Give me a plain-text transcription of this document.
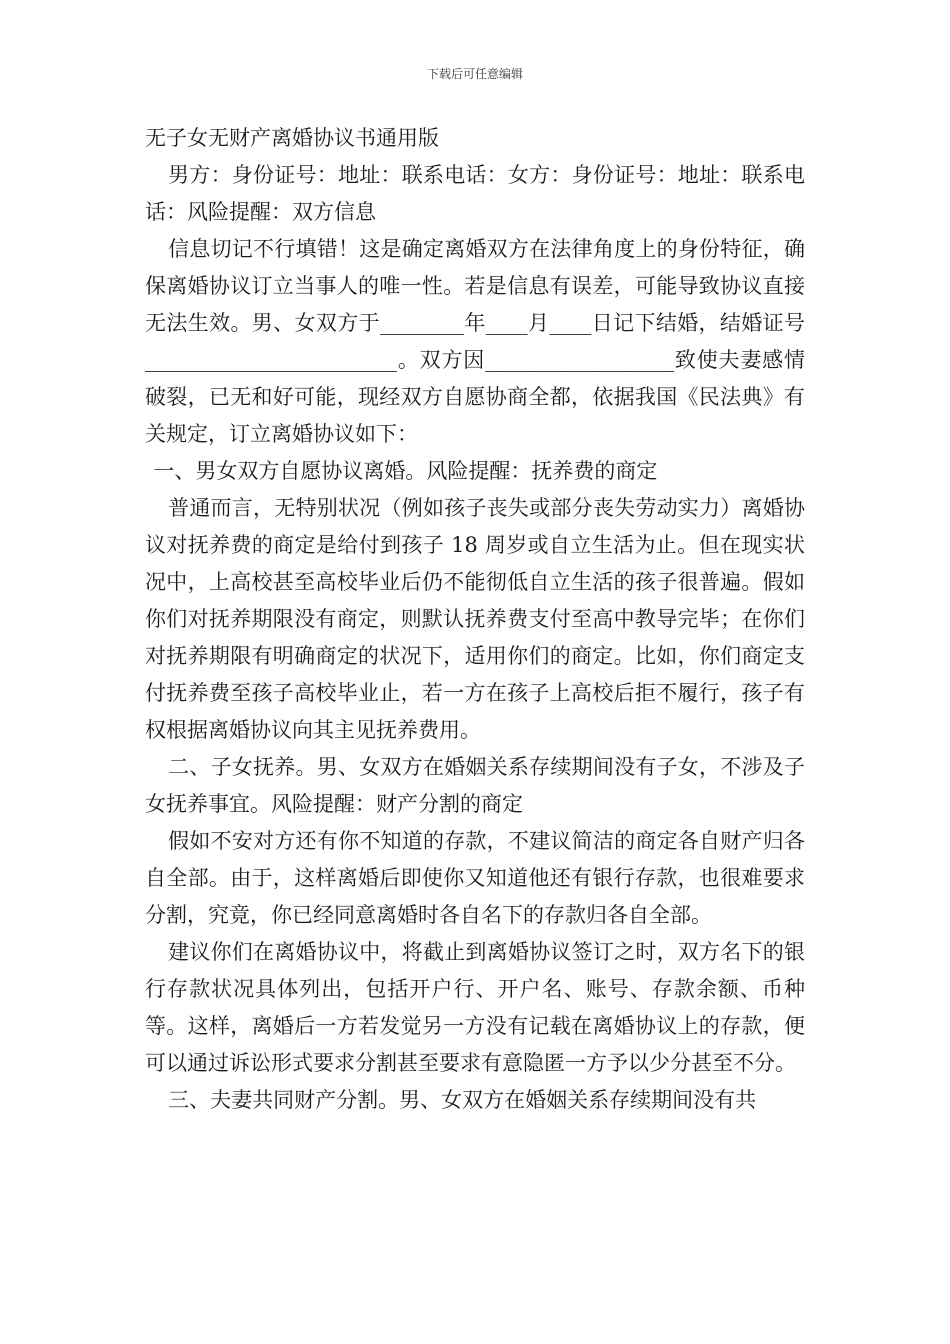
下载后可任意编辑

无子女无财产离婚协议书通用版

男方：身份证号：地址：联系电话：女方：身份证号：地址：联系电话：风险提醒：双方信息

信息切记不行填错！这是确定离婚双方在法律角度上的身份特征，确保离婚协议订立当事人的唯一性。若是信息有误差，可能导致协议直接无法生效。男、女双方于________年____月____日记下结婚，结婚证号________________________。双方因__________________致使夫妻感情破裂，已无和好可能，现经双方自愿协商全都，依据我国《民法典》有关规定，订立离婚协议如下：

一、男女双方自愿协议离婚。风险提醒：抚养费的商定

普通而言，无特别状况（例如孩子丧失或部分丧失劳动实力）离婚协议对抚养费的商定是给付到孩子 18 周岁或自立生活为止。但在现实状况中，上高校甚至高校毕业后仍不能彻低自立生活的孩子很普遍。假如你们对抚养期限没有商定，则默认抚养费支付至高中教导完毕；在你们对抚养期限有明确商定的状况下，适用你们的商定。比如，你们商定支付抚养费至孩子高校毕业止，若一方在孩子上高校后拒不履行，孩子有权根据离婚协议向其主见抚养费用。

二、子女抚养。男、女双方在婚姻关系存续期间没有子女，不涉及子女抚养事宜。风险提醒：财产分割的商定

假如不安对方还有你不知道的存款，不建议简洁的商定各自财产归各自全部。由于，这样离婚后即使你又知道他还有银行存款，也很难要求分割，究竟，你已经同意离婚时各自名下的存款归各自全部。

建议你们在离婚协议中，将截止到离婚协议签订之时，双方名下的银行存款状况具体列出，包括开户行、开户名、账号、存款余额、币种等。这样，离婚后一方若发觉另一方没有记载在离婚协议上的存款，便可以通过诉讼形式要求分割甚至要求有意隐匿一方予以少分甚至不分。

三、夫妻共同财产分割。男、女双方在婚姻关系存续期间没有共
